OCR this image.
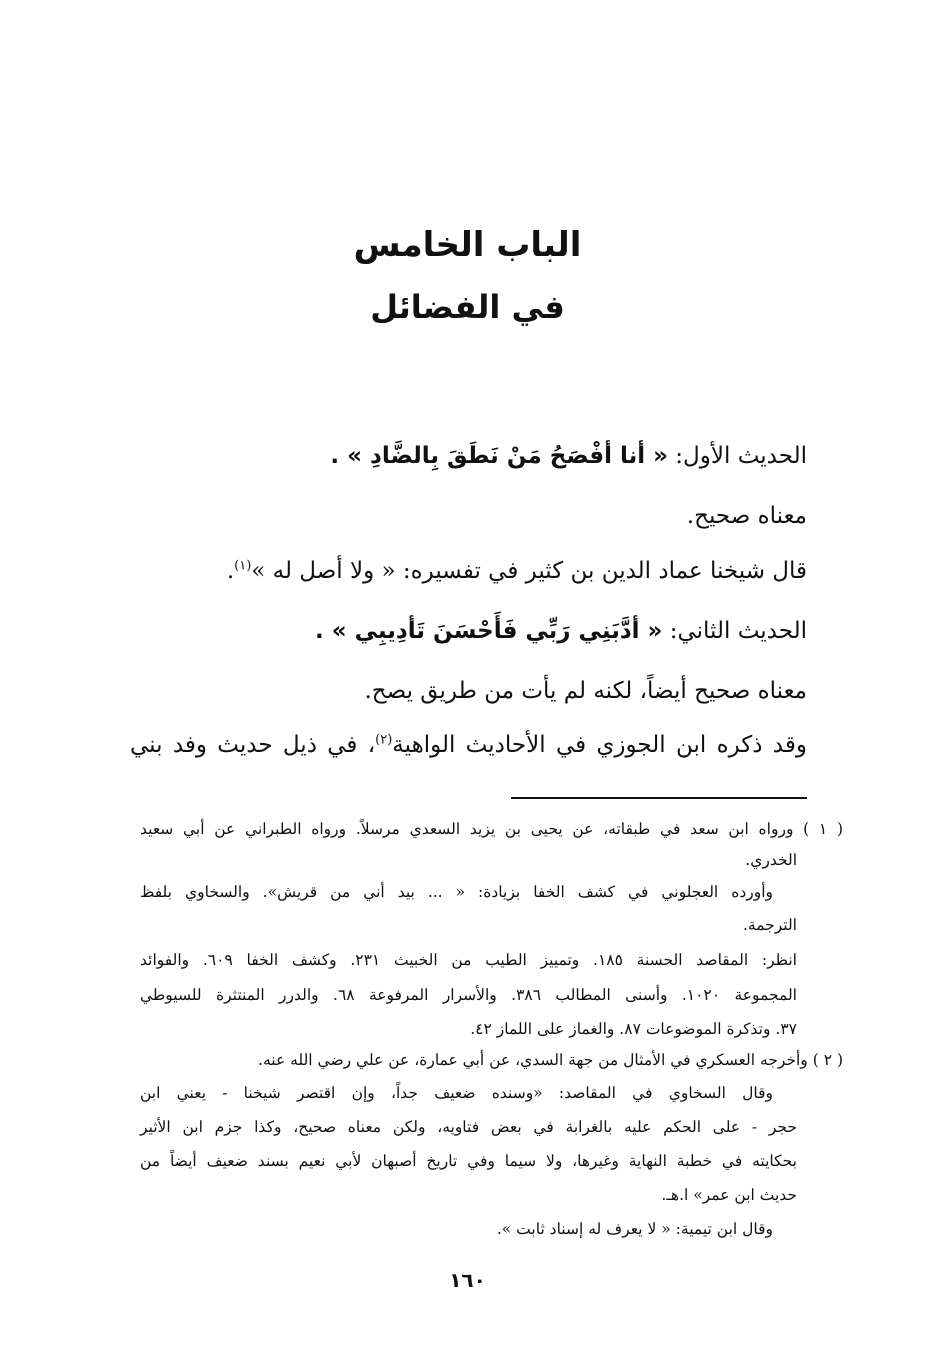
الباب الخامس
في الفضائل
الحديث الأول: « أنا أفْصَحُ مَنْ نَطَقَ بِالضَّادِ » .
معناه صحيح.
قال شيخنا عماد الدين بن كثير في تفسيره: « ولا أصل له »$^{(١)}$.
الحديث الثاني: « أدَّبَنِي رَبِّي فَأَحْسَنَ تَأدِيبِي » .
معناه صحيح أيضاً، لكنه لم يأت من طريق يصح.
وقد ذكره ابن الجوزي في الأحاديث الواهية$^{(٢)}$، في ذيل حديث وفد بني
( ١ ) ورواه ابن سعد في طبقاته، عن يحيى بن يزيد السعدي مرسلاً. ورواه الطبراني عن أبي سعيد
الخدري.
وأورده العجلوني في كشف الخفا بزيادة: « ... بيد أني من قريش». والسخاوي بلفظ
الترجمة.
انظر: المقاصد الحسنة ١٨٥. وتمييز الطيب من الخبيث ٢٣١. وكشف الخفا ٦٠٩. والفوائد
المجموعة ١٠٢٠. وأسنى المطالب ٣٨٦. والأسرار المرفوعة ٦٨. والدرر المنتثرة للسيوطي
٣٧. وتذكرة الموضوعات ٨٧. والغماز على اللماز ٤٢.
( ٢ ) وأخرجه العسكري في الأمثال من جهة السدي، عن أبي عمارة، عن علي رضي الله عنه.
وقال السخاوي في المقاصد: «وسنده ضعيف جداً، وإن اقتصر شيخنا - يعني ابن
حجر - على الحكم عليه بالغرابة في بعض فتاويه، ولكن معناه صحيح، وكذا جزم ابن الأثير
بحكايته في خطبة النهاية وغيرها، ولا سيما وفي تاريخ أصبهان لأبي نعيم بسند ضعيف أيضاً من
حديث ابن عمر» ا.هـ.
وقال ابن تيمية: « لا يعرف له إسناد ثابت ».
١٦٠
